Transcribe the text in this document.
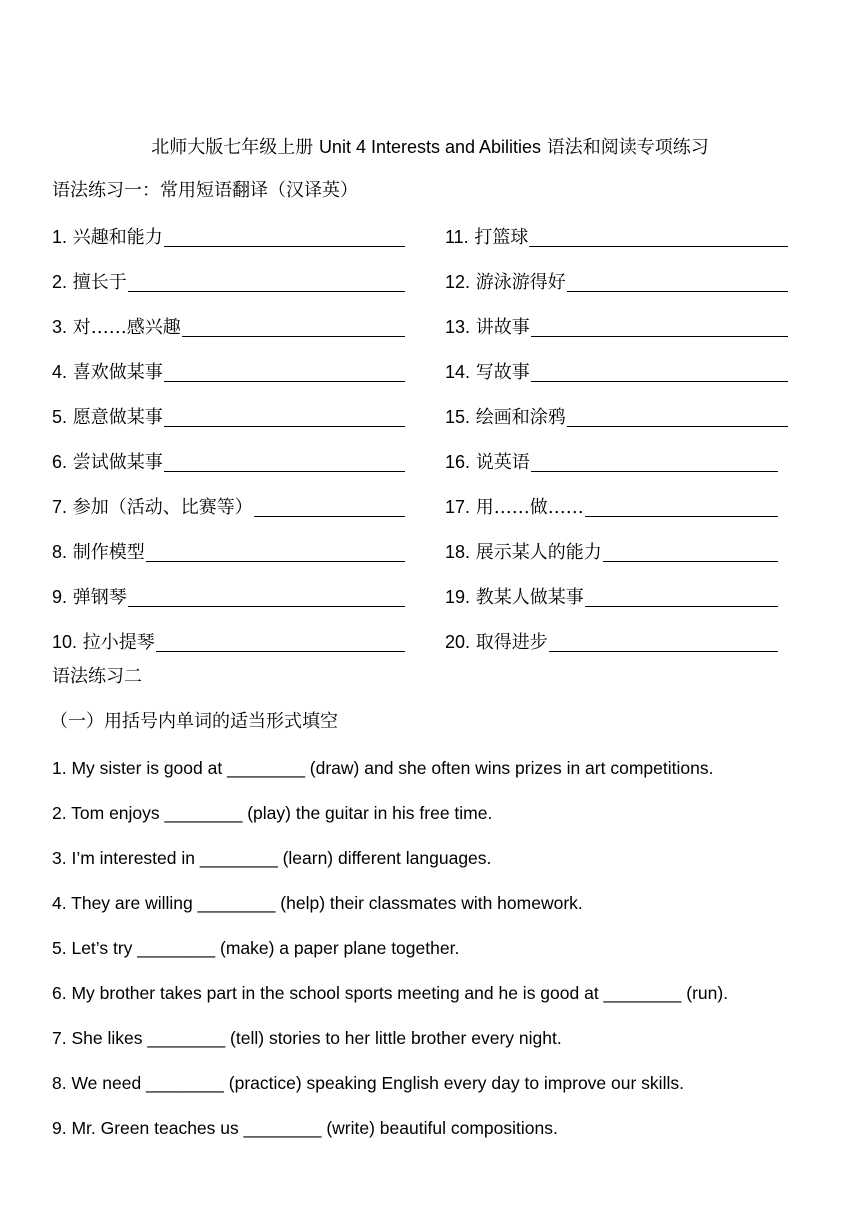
北师大版七年级上册 Unit 4 Interests and Abilities 语法和阅读专项练习
语法练习一：常用短语翻译（汉译英）
1. 兴趣和能力
2. 擅长于
3. 对……感兴趣
4. 喜欢做某事
5. 愿意做某事
6. 尝试做某事
7. 参加（活动、比赛等）
8. 制作模型
9. 弹钢琴
10. 拉小提琴
11. 打篮球
12. 游泳游得好
13. 讲故事
14. 写故事
15. 绘画和涂鸦
16. 说英语
17. 用……做……
18. 展示某人的能力
19. 教某人做某事
20. 取得进步
语法练习二
（一）用括号内单词的适当形式填空
1. My sister is good at ________ (draw) and she often wins prizes in art competitions.
2. Tom enjoys ________ (play) the guitar in his free time.
3. I’m interested in ________ (learn) different languages.
4. They are willing ________ (help) their classmates with homework.
5. Let’s try ________ (make) a paper plane together.
6. My brother takes part in the school sports meeting and he is good at ________ (run).
7. She likes ________ (tell) stories to her little brother every night.
8. We need ________ (practice) speaking English every day to improve our skills.
9. Mr. Green teaches us ________ (write) beautiful compositions.
